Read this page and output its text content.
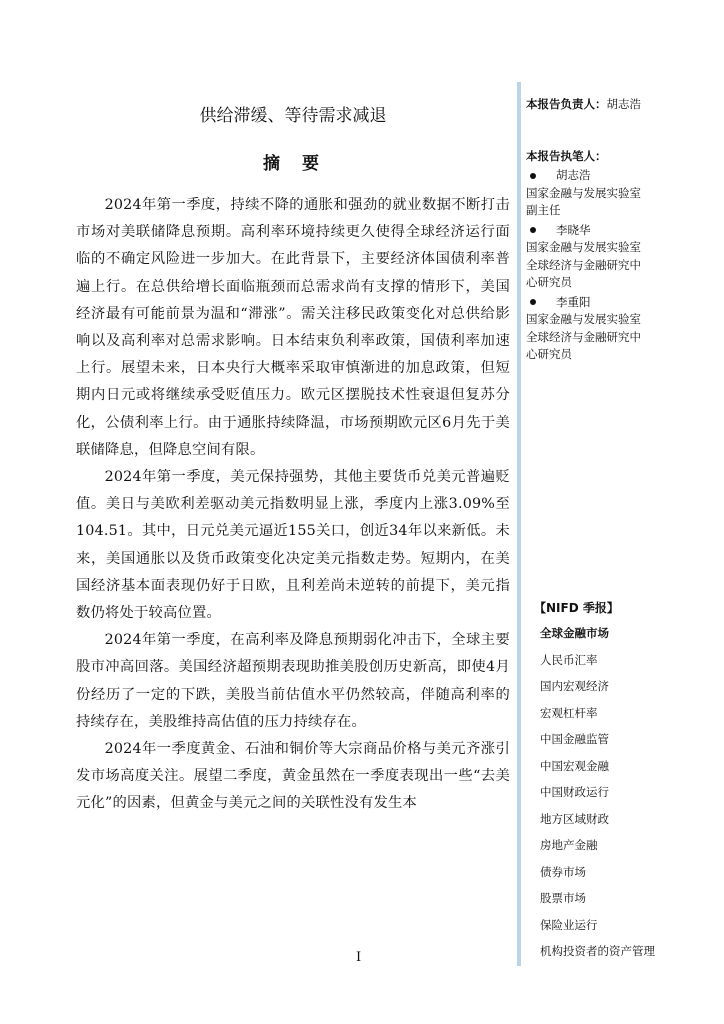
供给滞缓、等待需求减退
摘要

2024年第一季度，持续不降的通胀和强劲的就业数据不断打击市场对美联储降息预期。高利率环境持续更久使得全球经济运行面临的不确定风险进一步加大。在此背景下，主要经济体国债利率普遍上行。在总供给增长面临瓶颈而总需求尚有支撑的情形下，美国经济最有可能前景为温和“滞涨”。需关注移民政策变化对总供给影响以及高利率对总需求影响。日本结束负利率政策，国债利率加速上行。展望未来，日本央行大概率采取审慎渐进的加息政策，但短期内日元或将继续承受贬值压力。欧元区摆脱技术性衰退但复苏分化，公债利率上行。由于通胀持续降温，市场预期欧元区6月先于美联储降息，但降息空间有限。

2024年第一季度，美元保持强势，其他主要货币兑美元普遍贬值。美日与美欧利差驱动美元指数明显上涨，季度内上涨3.09%至104.51。其中，日元兑美元逼近155关口，创近34年以来新低。未来，美国通胀以及货币政策变化决定美元指数走势。短期内，在美国经济基本面表现仍好于日欧，且利差尚未逆转的前提下，美元指数仍将处于较高位置。

2024年第一季度，在高利率及降息预期弱化冲击下，全球主要股市冲高回落。美国经济超预期表现助推美股创历史新高，即使4月份经历了一定的下跌，美股当前估值水平仍然较高，伴随高利率的持续存在，美股维持高估值的压力持续存在。

2024年一季度黄金、石油和铜价等大宗商品价格与美元齐涨引发市场高度关注。展望二季度，黄金虽然在一季度表现出一些“去美元化”的因素，但黄金与美元之间的关联性没有发生本

I
本报告负责人：胡志浩
本报告执笔人：
胡志浩
国家金融与发展实验室
副主任
李晓华
国家金融与发展实验室
全球经济与金融研究中
心研究员
李重阳
国家金融与发展实验室
全球经济与金融研究中
心研究员
【NIFD 季报】
全球金融市场
人民币汇率
国内宏观经济
宏观杠杆率
中国金融监管
中国宏观金融
中国财政运行
地方区域财政
房地产金融
债券市场
股票市场
保险业运行
机构投资者的资产管理
